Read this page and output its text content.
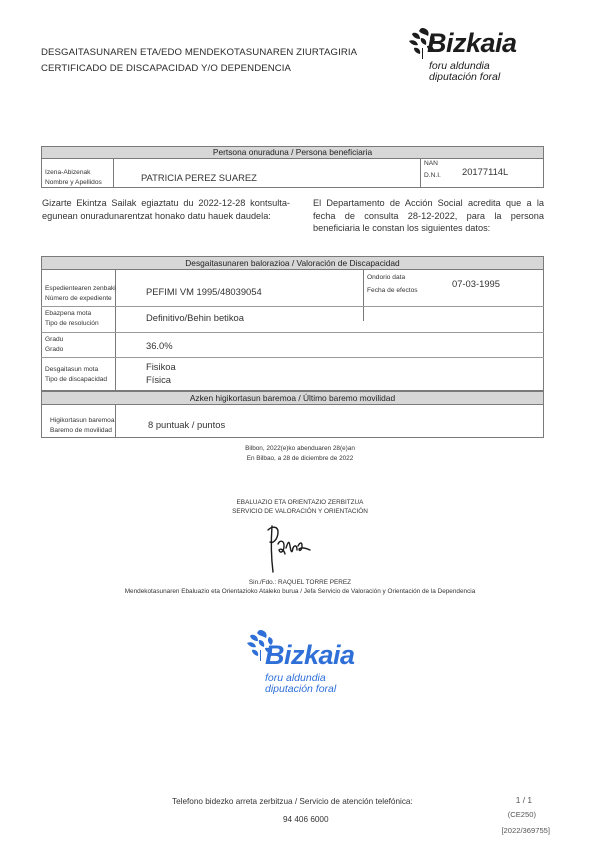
DESGAITASUNAREN ETA/EDO MENDEKOTASUNAREN ZIURTAGIRIA
CERTIFICADO DE DISCAPACIDAD Y/O DEPENDENCIA
Bizkaia
foru aldundia
diputación foral
Pertsona onuraduna / Persona beneficiaria
Izena-Abizenak
Nombre y Apellidos	PATRICIA PEREZ SUAREZ
NAN
D.N.I. 20177114L
Gizarte Ekintza Sailak egiaztatu du 2022-12-28 kontsulta-egunean onuradunarentzat honako datu hauek daudela:
El Departamento de Acción Social acredita que a la fecha de consulta 28-12-2022, para la persona beneficiaria le constan los siguientes datos:
Desgaitasunaren balorazioa / Valoración de Discapacidad
Espedientearen zenbaki
Número de expediente
PEFIMI VM 1995/48039054
Ondorio data
Fecha de efectos
07-03-1995
Ebazpena mota
Tipo de resolución
Definitivo/Behin betikoa
Gradu
Grado	36.0%
Desgaitasun mota
Tipo de discapacidad
Fisikoa
Física
Azken higikortasun baremoa / Último baremo movilidad
Higikortasun baremoa
Baremo de movilidad
8 puntuak / puntos
Bilbon, 2022(e)ko abenduaren 28(e)an
En Bilbao, a 28 de diciembre de 2022
EBALUAZIO ETA ORIENTAZIO ZERBITZUA
SERVICIO DE VALORACIÓN Y ORIENTACIÓN
Sin./Fdo.: RAQUEL TORRE PEREZ
Mendekotasunaren Ebaluazio eta Orientazioko Ataleko burua / Jefa Servicio de Valoración y Orientación de la Dependencia
Bizkaia
foru aldundia
diputación foral
Telefono bidezko arreta zerbitzua / Servicio de atención telefónica:
94 406 6000
1 / 1
(CE250)
[2022/369755]
